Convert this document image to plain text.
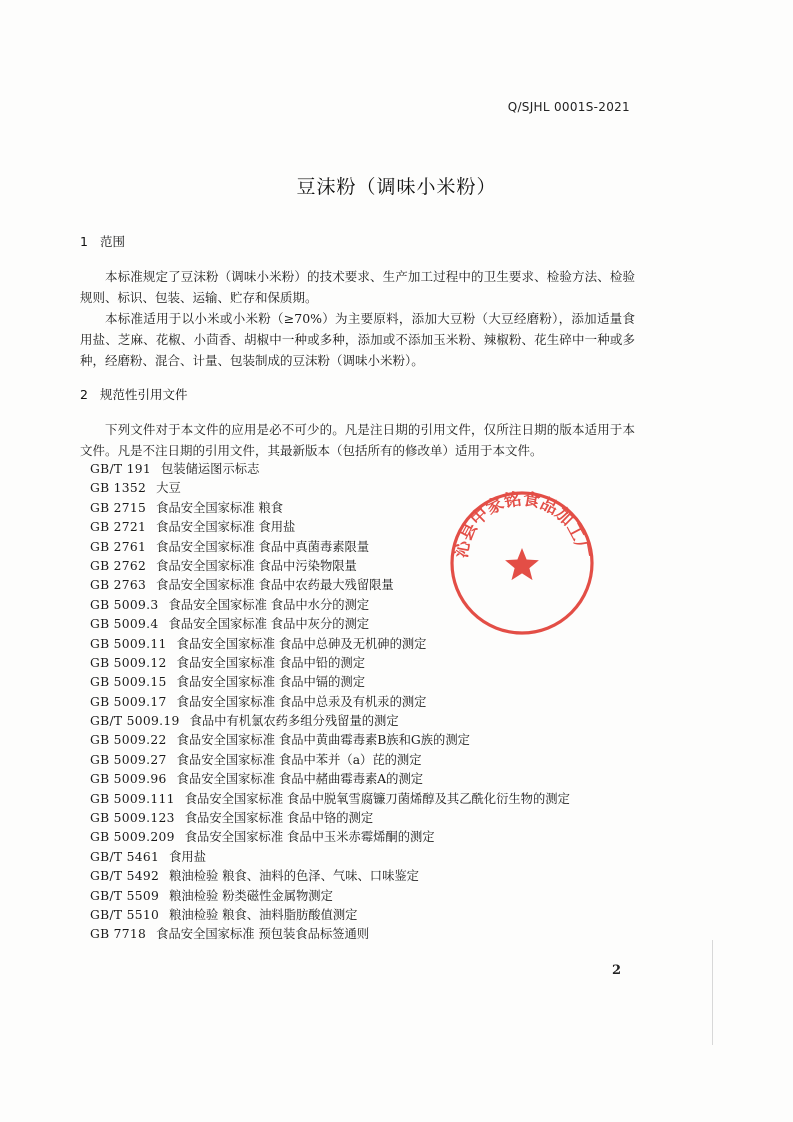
Q/SJHL 0001S-2021
豆沫粉（调味小米粉）
1 范围
本标准规定了豆沫粉（调味小米粉）的技术要求、生产加工过程中的卫生要求、检验方法、检验规则、标识、包装、运输、贮存和保质期。
本标准适用于以小米或小米粉（≥70%）为主要原料，添加大豆粉（大豆经磨粉），添加适量食用盐、芝麻、花椒、小茴香、胡椒中一种或多种，添加或不添加玉米粉、辣椒粉、花生碎中一种或多种，经磨粉、混合、计量、包装制成的豆沫粉（调味小米粉）。
2 规范性引用文件
下列文件对于本文件的应用是必不可少的。凡是注日期的引用文件，仅所注日期的版本适用于本文件。凡是不注日期的引用文件，其最新版本（包括所有的修改单）适用于本文件。
GB/T 191 包装储运图示标志
GB 1352 大豆
GB 2715 食品安全国家标准 粮食
GB 2721 食品安全国家标准 食用盐
GB 2761 食品安全国家标准 食品中真菌毒素限量
GB 2762 食品安全国家标准 食品中污染物限量
GB 2763 食品安全国家标准 食品中农药最大残留限量
GB 5009.3 食品安全国家标准 食品中水分的测定
GB 5009.4 食品安全国家标准 食品中灰分的测定
GB 5009.11 食品安全国家标准 食品中总砷及无机砷的测定
GB 5009.12 食品安全国家标准 食品中铅的测定
GB 5009.15 食品安全国家标准 食品中镉的测定
GB 5009.17 食品安全国家标准 食品中总汞及有机汞的测定
GB/T 5009.19 食品中有机氯农药多组分残留量的测定
GB 5009.22 食品安全国家标准 食品中黄曲霉毒素B族和G族的测定
GB 5009.27 食品安全国家标准 食品中苯并（a）芘的测定
GB 5009.96 食品安全国家标准 食品中赭曲霉毒素A的测定
GB 5009.111 食品安全国家标准 食品中脱氧雪腐镰刀菌烯醇及其乙酰化衍生物的测定
GB 5009.123 食品安全国家标准 食品中铬的测定
GB 5009.209 食品安全国家标准 食品中玉米赤霉烯酮的测定
GB/T 5461 食用盐
GB/T 5492 粮油检验 粮食、油料的色泽、气味、口味鉴定
GB/T 5509 粮油检验 粉类磁性金属物测定
GB/T 5510 粮油检验 粮食、油料脂肪酸值测定
GB 7718 食品安全国家标准 预包装食品标签通则
沁县中家铭食品加工厂
2
